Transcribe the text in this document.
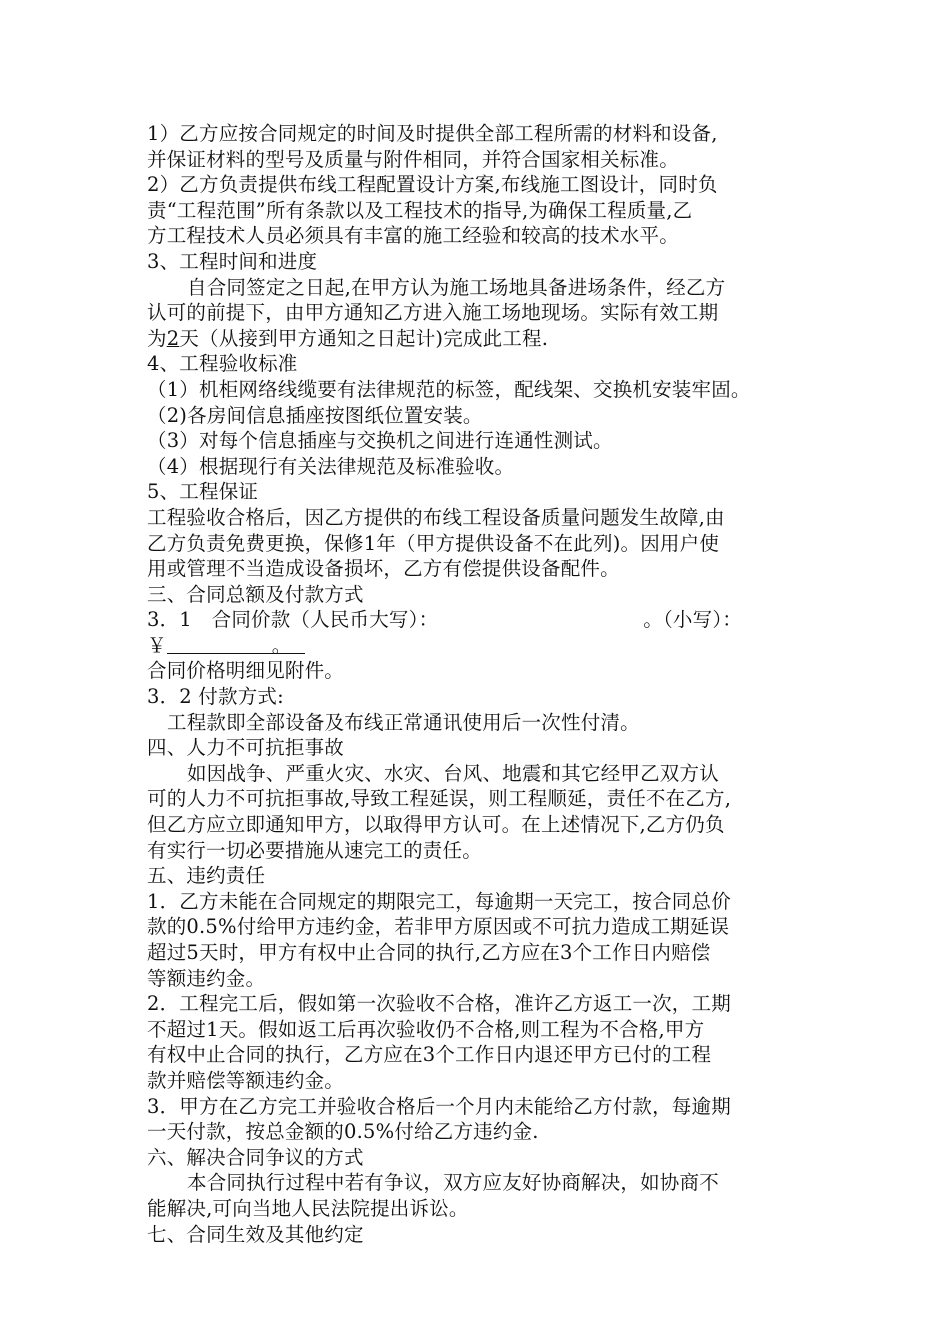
1）乙方应按合同规定的时间及时提供全部工程所需的材料和设备,
并保证材料的型号及质量与附件相同，并符合国家相关标准。
2）乙方负责提供布线工程配置设计方案,布线施工图设计，同时负
责“工程范围”所有条款以及工程技术的指导,为确保工程质量,乙
方工程技术人员必须具有丰富的施工经验和较高的技术水平。
3、工程时间和进度
自合同签定之日起,在甲方认为施工场地具备进场条件，经乙方
认可的前提下，由甲方通知乙方进入施工场地现场。实际有效工期
为2天（从接到甲方通知之日起计)完成此工程.
4、工程验收标准
（1）机柜网络线缆要有法律规范的标签，配线架、交换机安装牢固。
（2)各房间信息插座按图纸位置安装。
（3）对每个信息插座与交换机之间进行连通性测试。
（4）根据现行有关法律规范及标准验收。
5、工程保证
工程验收合格后，因乙方提供的布线工程设备质量问题发生故障,由
乙方负责免费更换，保修1年（甲方提供设备不在此列)。因用户使
用或管理不当造成设备损坏，乙方有偿提供设备配件。
三、合同总额及付款方式
3．1　合同价款（人民币大写）：	。（小写）：
￥	。
合同价格明细见附件。
3．2 付款方式:
工程款即全部设备及布线正常通讯使用后一次性付清。
四、人力不可抗拒事故
如因战争、严重火灾、水灾、台风、地震和其它经甲乙双方认
可的人力不可抗拒事故,导致工程延误，则工程顺延，责任不在乙方,
但乙方应立即通知甲方，以取得甲方认可。在上述情况下,乙方仍负
有实行一切必要措施从速完工的责任。
五、违约责任
1．乙方未能在合同规定的期限完工，每逾期一天完工，按合同总价
款的0.5%付给甲方违约金，若非甲方原因或不可抗力造成工期延误
超过5天时，甲方有权中止合同的执行,乙方应在3个工作日内赔偿
等额违约金。
2．工程完工后，假如第一次验收不合格，准许乙方返工一次，工期
不超过1天。假如返工后再次验收仍不合格,则工程为不合格,甲方
有权中止合同的执行，乙方应在3个工作日内退还甲方已付的工程
款并赔偿等额违约金。
3．甲方在乙方完工并验收合格后一个月内未能给乙方付款，每逾期
一天付款，按总金额的0.5%付给乙方违约金.
六、解决合同争议的方式
本合同执行过程中若有争议，双方应友好协商解决，如协商不
能解决,可向当地人民法院提出诉讼。
七、合同生效及其他约定
